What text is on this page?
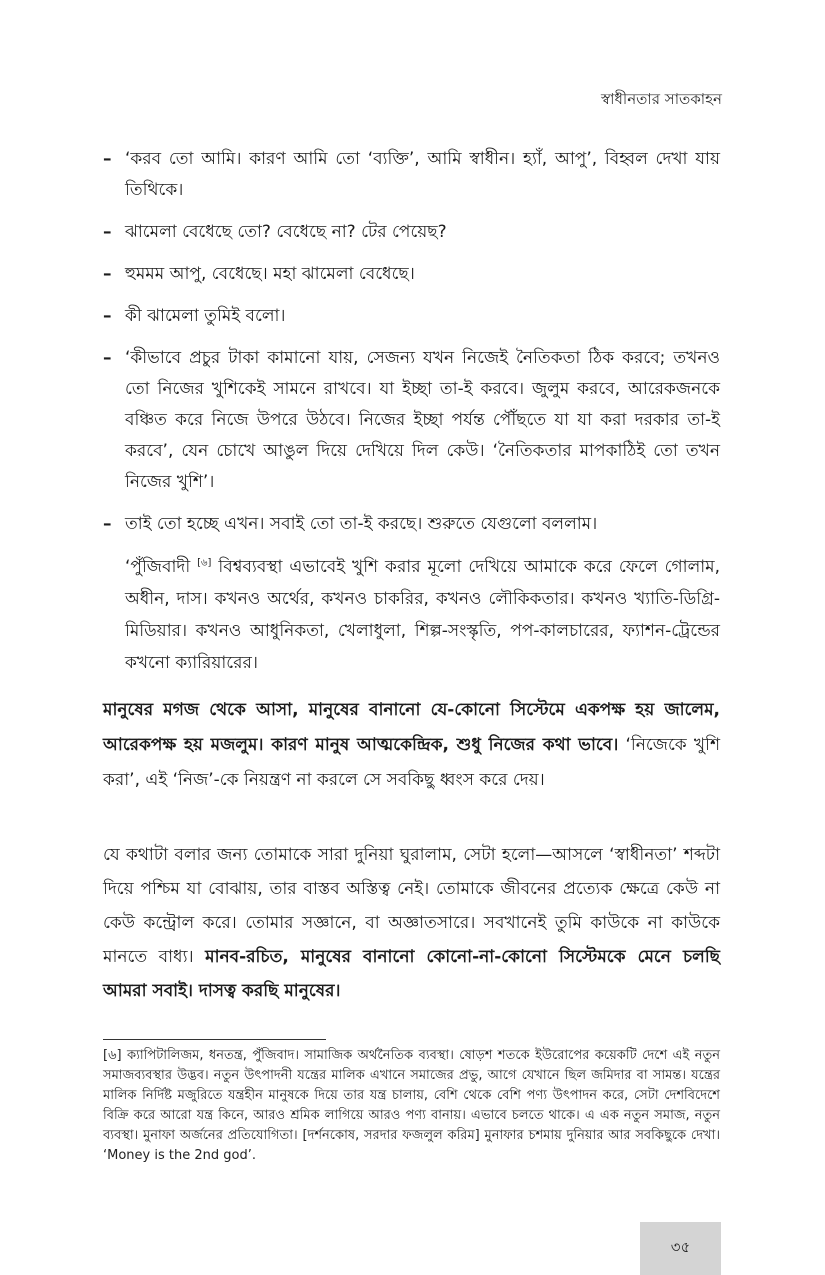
স্বাধীনতার সাতকাহন
– ‘করব তো আমি। কারণ আমি তো ‘ব্যক্তি’, আমি স্বাধীন। হ্যাঁ, আপু’, বিহ্বল দেখা যায় তিথিকে।
– ঝামেলা বেধেছে তো? বেধেছে না? টের পেয়েছ?
– হুমমম আপু, বেধেছে। মহা ঝামেলা বেধেছে।
– কী ঝামেলা তুমিই বলো।
– ‘কীভাবে প্রচুর টাকা কামানো যায়, সেজন্য যখন নিজেই নৈতিকতা ঠিক করবে; তখনও তো নিজের খুশিকেই সামনে রাখবে। যা ইচ্ছা তা-ই করবে। জুলুম করবে, আরেকজনকে বঞ্চিত করে নিজে উপরে উঠবে। নিজের ইচ্ছা পর্যন্ত পৌঁছতে যা যা করা দরকার তা-ই করবে’, যেন চোখে আঙুল দিয়ে দেখিয়ে দিল কেউ। ‘নৈতিকতার মাপকাঠিই তো তখন নিজের খুশি’।
– তাই তো হচ্ছে এখন। সবাই তো তা-ই করছে। শুরুতে যেগুলো বললাম।

‘পুঁজিবাদী [৬] বিশ্বব্যবস্থা এভাবেই খুশি করার মূলো দেখিয়ে আমাকে করে ফেলে গোলাম, অধীন, দাস। কখনও অর্থের, কখনও চাকরির, কখনও লৌকিকতার। কখনও খ্যাতি-ডিগ্রি-মিডিয়ার। কখনও আধুনিকতা, খেলাধুলা, শিল্প-সংস্কৃতি, পপ-কালচারের, ফ্যাশন-ট্রেন্ডের কখনো ক্যারিয়ারের।

মানুষের মগজ থেকে আসা, মানুষের বানানো যে-কোনো সিস্টেমে একপক্ষ হয় জালেম, আরেকপক্ষ হয় মজলুম। কারণ মানুষ আত্মকেন্দ্রিক, শুধু নিজের কথা ভাবে। ‘নিজেকে খুশি করা’, এই ‘নিজ’-কে নিয়ন্ত্রণ না করলে সে সবকিছু ধ্বংস করে দেয়।

যে কথাটা বলার জন্য তোমাকে সারা দুনিয়া ঘুরালাম, সেটা হলো—আসলে ‘স্বাধীনতা’ শব্দটা দিয়ে পশ্চিম যা বোঝায়, তার বাস্তব অস্তিত্ব নেই। তোমাকে জীবনের প্রত্যেক ক্ষেত্রে কেউ না কেউ কন্ট্রোল করে। তোমার সজ্ঞানে, বা অজ্ঞাতসারে। সবখানেই তুমি কাউকে না কাউকে মানতে বাধ্য। মানব-রচিত, মানুষের বানানো কোনো-না-কোনো সিস্টেমকে মেনে চলছি আমরা সবাই। দাসত্ব করছি মানুষের।

[৬] ক্যাপিটালিজম, ধনতন্ত্র, পুঁজিবাদ। সামাজিক অর্থনৈতিক ব্যবস্থা। ষোড়শ শতকে ইউরোপের কয়েকটি দেশে এই নতুন সমাজব্যবস্থার উদ্ভব। নতুন উৎপাদনী যন্ত্রের মালিক এখানে সমাজের প্রভু, আগে যেখানে ছিল জমিদার বা সামন্ত। যন্ত্রের মালিক নির্দিষ্ট মজুরিতে যন্ত্রহীন মানুষকে দিয়ে তার যন্ত্র চালায়, বেশি থেকে বেশি পণ্য উৎপাদন করে, সেটা দেশবিদেশে বিক্রি করে আরো যন্ত্র কিনে, আরও শ্রমিক লাগিয়ে আরও পণ্য বানায়। এভাবে চলতে থাকে। এ এক নতুন সমাজ, নতুন ব্যবস্থা। মুনাফা অর্জনের প্রতিযোগিতা। [দর্শনকোষ, সরদার ফজলুল করিম] মুনাফার চশমায় দুনিয়ার আর সবকিছুকে দেখা। ‘Money is the 2nd god’.
৩৫
